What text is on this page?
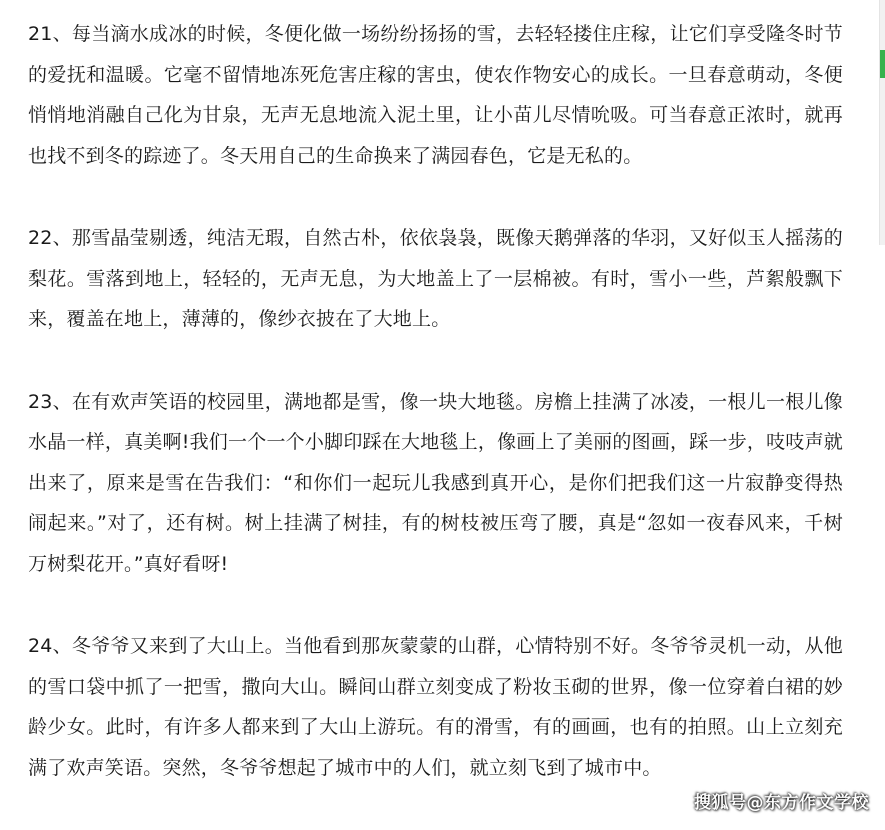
21、每当滴水成冰的时候，冬便化做一场纷纷扬扬的雪，去轻轻搂住庄稼，让它们享受隆冬时节的爱抚和温暖。它毫不留情地冻死危害庄稼的害虫，使农作物安心的成长。一旦春意萌动，冬便悄悄地消融自己化为甘泉，无声无息地流入泥土里，让小苗儿尽情吮吸。可当春意正浓时，就再也找不到冬的踪迹了。冬天用自己的生命换来了满园春色，它是无私的。

22、那雪晶莹剔透，纯洁无瑕，自然古朴，依依袅袅，既像天鹅弹落的华羽，又好似玉人摇荡的梨花。雪落到地上，轻轻的，无声无息，为大地盖上了一层棉被。有时，雪小一些，芦絮般飘下来，覆盖在地上，薄薄的，像纱衣披在了大地上。

23、在有欢声笑语的校园里，满地都是雪，像一块大地毯。房檐上挂满了冰凌，一根儿一根儿像水晶一样，真美啊!我们一个一个小脚印踩在大地毯上，像画上了美丽的图画，踩一步，吱吱声就出来了，原来是雪在告我们：“和你们一起玩儿我感到真开心，是你们把我们这一片寂静变得热闹起来。”对了，还有树。树上挂满了树挂，有的树枝被压弯了腰，真是“忽如一夜春风来，千树万树梨花开。”真好看呀!

24、冬爷爷又来到了大山上。当他看到那灰蒙蒙的山群，心情特别不好。冬爷爷灵机一动，从他的雪口袋中抓了一把雪，撒向大山。瞬间山群立刻变成了粉妆玉砌的世界，像一位穿着白裙的妙龄少女。此时，有许多人都来到了大山上游玩。有的滑雪，有的画画，也有的拍照。山上立刻充满了欢声笑语。突然，冬爷爷想起了城市中的人们，就立刻飞到了城市中。

搜狐号@东方作文学校
